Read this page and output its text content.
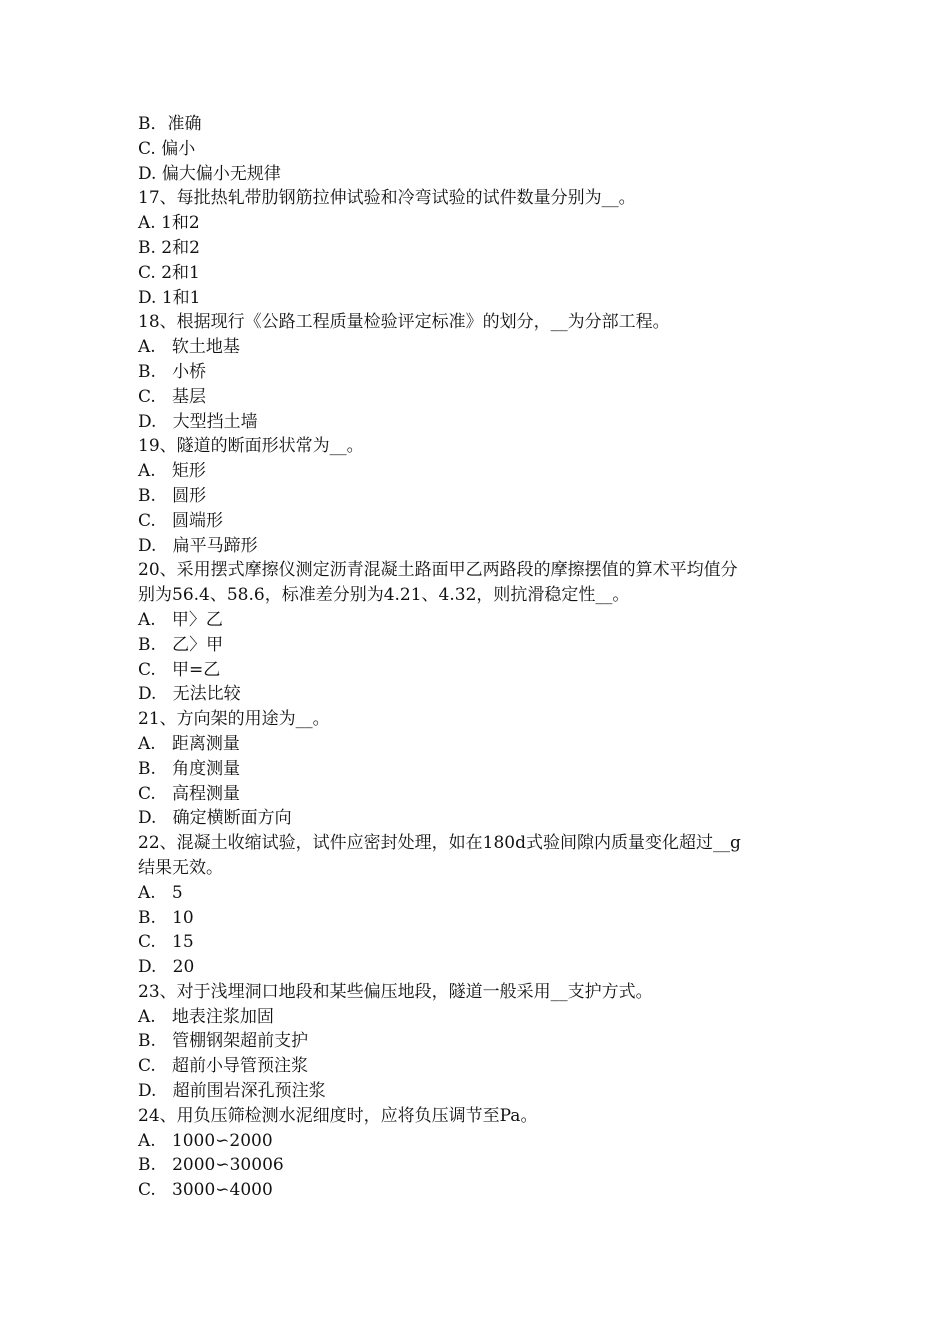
B．准确

C. 偏小

D. 偏大偏小无规律

17、每批热轧带肋钢筋拉伸试验和冷弯试验的试件数量分别为__。

A. 1和2

B. 2和2

C. 2和1

D. 1和1

18、根据现行《公路工程质量检验评定标准》的划分，__为分部工程。

A.   软土地基

B.   小桥

C.   基层

D.   大型挡土墙

19、隧道的断面形状常为__。

A.   矩形

B.   圆形

C.   圆端形

D.   扁平马蹄形

20、采用摆式摩擦仪测定沥青混凝土路面甲乙两路段的摩擦摆值的算术平均值分

别为56.4、58.6，标准差分别为4.21、4.32，则抗滑稳定性__。

A.   甲〉乙

B.   乙〉甲

C.   甲=乙

D.   无法比较

21、方向架的用途为__。

A.   距离测量

B.   角度测量

C.   高程测量

D.   确定横断面方向

22、混凝土收缩试验，试件应密封处理，如在180d式验间隙内质量变化超过__g

结果无效。

A.   5

B.   10

C.   15

D.   20

23、对于浅埋洞口地段和某些偏压地段，隧道一般采用__支护方式。

A.   地表注浆加固

B.   管棚钢架超前支护

C.   超前小导管预注浆

D.   超前围岩深孔预注浆

24、用负压筛检测水泥细度时，应将负压调节至Pa。

A.   1000∽2000

B.   2000∽30006

C.   3000∽4000
